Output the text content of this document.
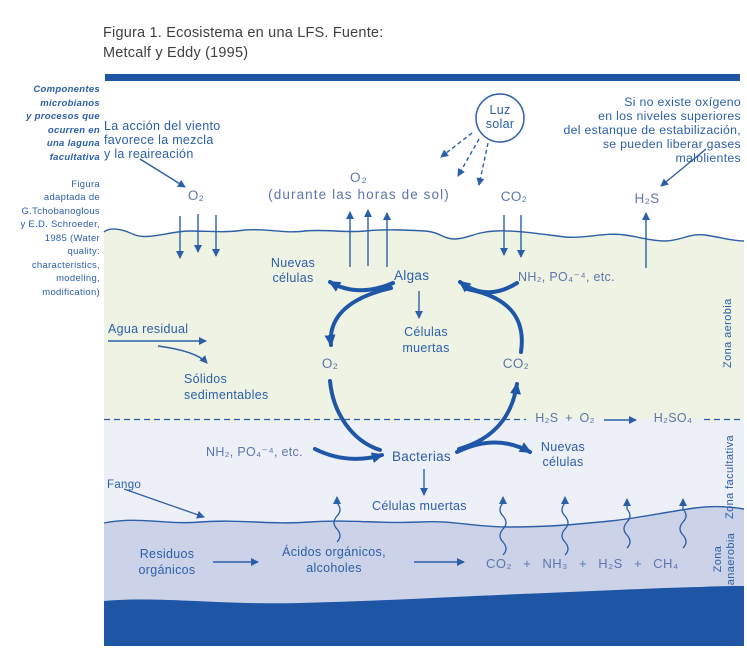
Figura 1. Ecosistema en una LFS. Fuente:
Metcalf y Eddy (1995)

Componentes
microbianos
y procesos que
ocurren en
una laguna
facultativa

Figura
adaptada de
G.Tchobanoglous
y E.D. Schroeder,
1985 (Water
quality:
characteristics,
modeling,
modification)

La acción del viento
favorece la mezcla
y la reaireación
Luz
solar
Si no existe oxígeno
en los niveles superiores
del estanque de estabilización,
se pueden liberar gases
malolientes
O₂
O₂
(durante las horas de sol)	CO₂	H₂S
Nuevas
células	Algas	NH₂, PO₄⁻⁴, etc.
Células
muertas
O₂	CO₂
NH₂, PO₄⁻⁴, etc.	Bacterias
Nuevas
células
Células muertas
Agua residual
Sólidos
sedimentables
Fango
H₂S + O₂	H₂SO₄
Residuos
orgánicos
Ácidos orgánicos,
alcoholes	CO₂ + NH₃ + H₂S + CH₄
Zona aerobia
Zona facultativa
Zona
anaerobia
